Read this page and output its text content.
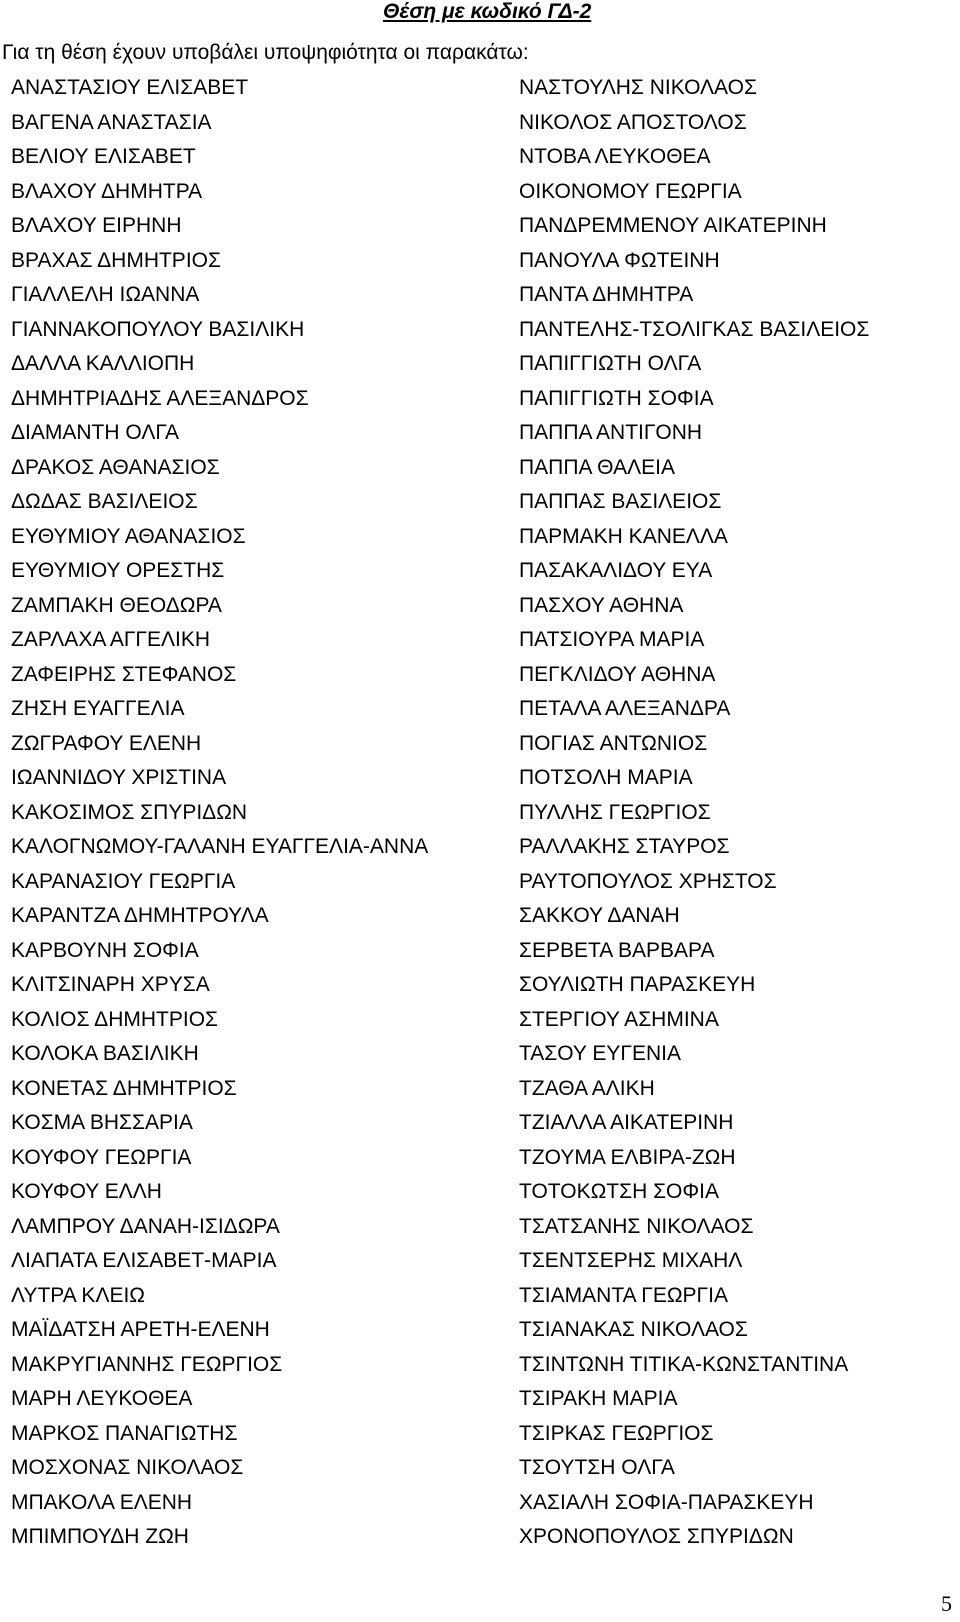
Θέση με κωδικό ΓΔ-2
Για τη θέση έχουν υποβάλει υποψηφιότητα οι παρακάτω:
ΑΝΑΣΤΑΣΙΟΥ ΕΛΙΣΑΒΕΤ
ΒΑΓΕΝΑ ΑΝΑΣΤΑΣΙΑ
ΒΕΛΙΟΥ ΕΛΙΣΑΒΕΤ
ΒΛΑΧΟΥ ΔΗΜΗΤΡΑ
ΒΛΑΧΟΥ ΕΙΡΗΝΗ
ΒΡΑΧΑΣ ΔΗΜΗΤΡΙΟΣ
ΓΙΑΛΛΕΛΗ ΙΩΑΝΝΑ
ΓΙΑΝΝΑΚΟΠΟΥΛΟΥ ΒΑΣΙΛΙΚΗ
ΔΑΛΛΑ ΚΑΛΛΙΟΠΗ
ΔΗΜΗΤΡΙΑΔΗΣ ΑΛΕΞΑΝΔΡΟΣ
ΔΙΑΜΑΝΤΗ ΟΛΓΑ
ΔΡΑΚΟΣ ΑΘΑΝΑΣΙΟΣ
ΔΩΔΑΣ ΒΑΣΙΛΕΙΟΣ
ΕΥΘΥΜΙΟΥ ΑΘΑΝΑΣΙΟΣ
ΕΥΘΥΜΙΟΥ ΟΡΕΣΤΗΣ
ΖΑΜΠΑΚΗ ΘΕΟΔΩΡΑ
ΖΑΡΛΑΧΑ ΑΓΓΕΛΙΚΗ
ΖΑΦΕΙΡΗΣ ΣΤΕΦΑΝΟΣ
ΖΗΣΗ ΕΥΑΓΓΕΛΙΑ
ΖΩΓΡΑΦΟΥ ΕΛΕΝΗ
ΙΩΑΝΝΙΔΟΥ ΧΡΙΣΤΙΝΑ
ΚΑΚΟΣΙΜΟΣ ΣΠΥΡΙΔΩΝ
ΚΑΛΟΓΝΩΜΟΥ-ΓΑΛΑΝΗ ΕΥΑΓΓΕΛΙΑ-ΑΝΝΑ
ΚΑΡΑΝΑΣΙΟΥ ΓΕΩΡΓΙΑ
ΚΑΡΑΝΤΖΑ ΔΗΜΗΤΡΟΥΛΑ
ΚΑΡΒΟΥΝΗ ΣΟΦΙΑ
ΚΛΙΤΣΙΝΑΡΗ ΧΡΥΣΑ
ΚΟΛΙΟΣ ΔΗΜΗΤΡΙΟΣ
ΚΟΛΟΚΑ ΒΑΣΙΛΙΚΗ
ΚΟΝΕΤΑΣ ΔΗΜΗΤΡΙΟΣ
ΚΟΣΜΑ ΒΗΣΣΑΡΙΑ
ΚΟΥΦΟΥ ΓΕΩΡΓΙΑ
ΚΟΥΦΟΥ ΕΛΛΗ
ΛΑΜΠΡΟΥ ΔΑΝΑΗ-ΙΣΙΔΩΡΑ
ΛΙΑΠΑΤΑ ΕΛΙΣΑΒΕΤ-ΜΑΡΙΑ
ΛΥΤΡΑ ΚΛΕΙΩ
ΜΑΪΔΑΤΣΗ ΑΡΕΤΗ-ΕΛΕΝΗ
ΜΑΚΡΥΓΙΑΝΝΗΣ ΓΕΩΡΓΙΟΣ
ΜΑΡΗ ΛΕΥΚΟΘΕΑ
ΜΑΡΚΟΣ ΠΑΝΑΓΙΩΤΗΣ
ΜΟΣΧΟΝΑΣ ΝΙΚΟΛΑΟΣ
ΜΠΑΚΟΛΑ ΕΛΕΝΗ
ΜΠΙΜΠΟΥΔΗ ΖΩΗ
ΝΑΣΤΟΥΛΗΣ ΝΙΚΟΛΑΟΣ
ΝΙΚΟΛΟΣ ΑΠΟΣΤΟΛΟΣ
ΝΤΟΒΑ ΛΕΥΚΟΘΕΑ
ΟΙΚΟΝΟΜΟΥ ΓΕΩΡΓΙΑ
ΠΑΝΔΡΕΜΜΕΝΟΥ ΑΙΚΑΤΕΡΙΝΗ
ΠΑΝΟΥΛΑ ΦΩΤΕΙΝΗ
ΠΑΝΤΑ ΔΗΜΗΤΡΑ
ΠΑΝΤΕΛΗΣ-ΤΣΟΛΙΓΚΑΣ ΒΑΣΙΛΕΙΟΣ
ΠΑΠΙΓΓΙΩΤΗ ΟΛΓΑ
ΠΑΠΙΓΓΙΩΤΗ ΣΟΦΙΑ
ΠΑΠΠΑ ΑΝΤΙΓΟΝΗ
ΠΑΠΠΑ ΘΑΛΕΙΑ
ΠΑΠΠΑΣ ΒΑΣΙΛΕΙΟΣ
ΠΑΡΜΑΚΗ ΚΑΝΕΛΛΑ
ΠΑΣΑΚΑΛΙΔΟΥ ΕΥΑ
ΠΑΣΧΟΥ ΑΘΗΝΑ
ΠΑΤΣΙΟΥΡΑ ΜΑΡΙΑ
ΠΕΓΚΛΙΔΟΥ ΑΘΗΝΑ
ΠΕΤΑΛΑ ΑΛΕΞΑΝΔΡΑ
ΠΟΓΙΑΣ ΑΝΤΩΝΙΟΣ
ΠΟΤΣΟΛΗ ΜΑΡΙΑ
ΠΥΛΛΗΣ ΓΕΩΡΓΙΟΣ
ΡΑΛΛΑΚΗΣ ΣΤΑΥΡΟΣ
ΡΑΥΤΟΠΟΥΛΟΣ ΧΡΗΣΤΟΣ
ΣΑΚΚΟΥ ΔΑΝΑΗ
ΣΕΡΒΕΤΑ ΒΑΡΒΑΡΑ
ΣΟΥΛΙΩΤΗ ΠΑΡΑΣΚΕΥΗ
ΣΤΕΡΓΙΟΥ ΑΣΗΜΙΝΑ
ΤΑΣΟΥ ΕΥΓΕΝΙΑ
ΤΖΑΘΑ ΑΛΙΚΗ
ΤΖΙΑΛΛΑ ΑΙΚΑΤΕΡΙΝΗ
ΤΖΟΥΜΑ ΕΛΒΙΡΑ-ΖΩΗ
ΤΟΤΟΚΩΤΣΗ ΣΟΦΙΑ
ΤΣΑΤΣΑΝΗΣ ΝΙΚΟΛΑΟΣ
ΤΣΕΝΤΣΕΡΗΣ ΜΙΧΑΗΛ
ΤΣΙΑΜΑΝΤΑ ΓΕΩΡΓΙΑ
ΤΣΙΑΝΑΚΑΣ ΝΙΚΟΛΑΟΣ
ΤΣΙΝΤΩΝΗ ΤΙΤΙΚΑ-ΚΩΝΣΤΑΝΤΙΝΑ
ΤΣΙΡΑΚΗ ΜΑΡΙΑ
ΤΣΙΡΚΑΣ ΓΕΩΡΓΙΟΣ
ΤΣΟΥΤΣΗ ΟΛΓΑ
ΧΑΣΙΑΛΗ ΣΟΦΙΑ-ΠΑΡΑΣΚΕΥΗ
ΧΡΟΝΟΠΟΥΛΟΣ ΣΠΥΡΙΔΩΝ
5
